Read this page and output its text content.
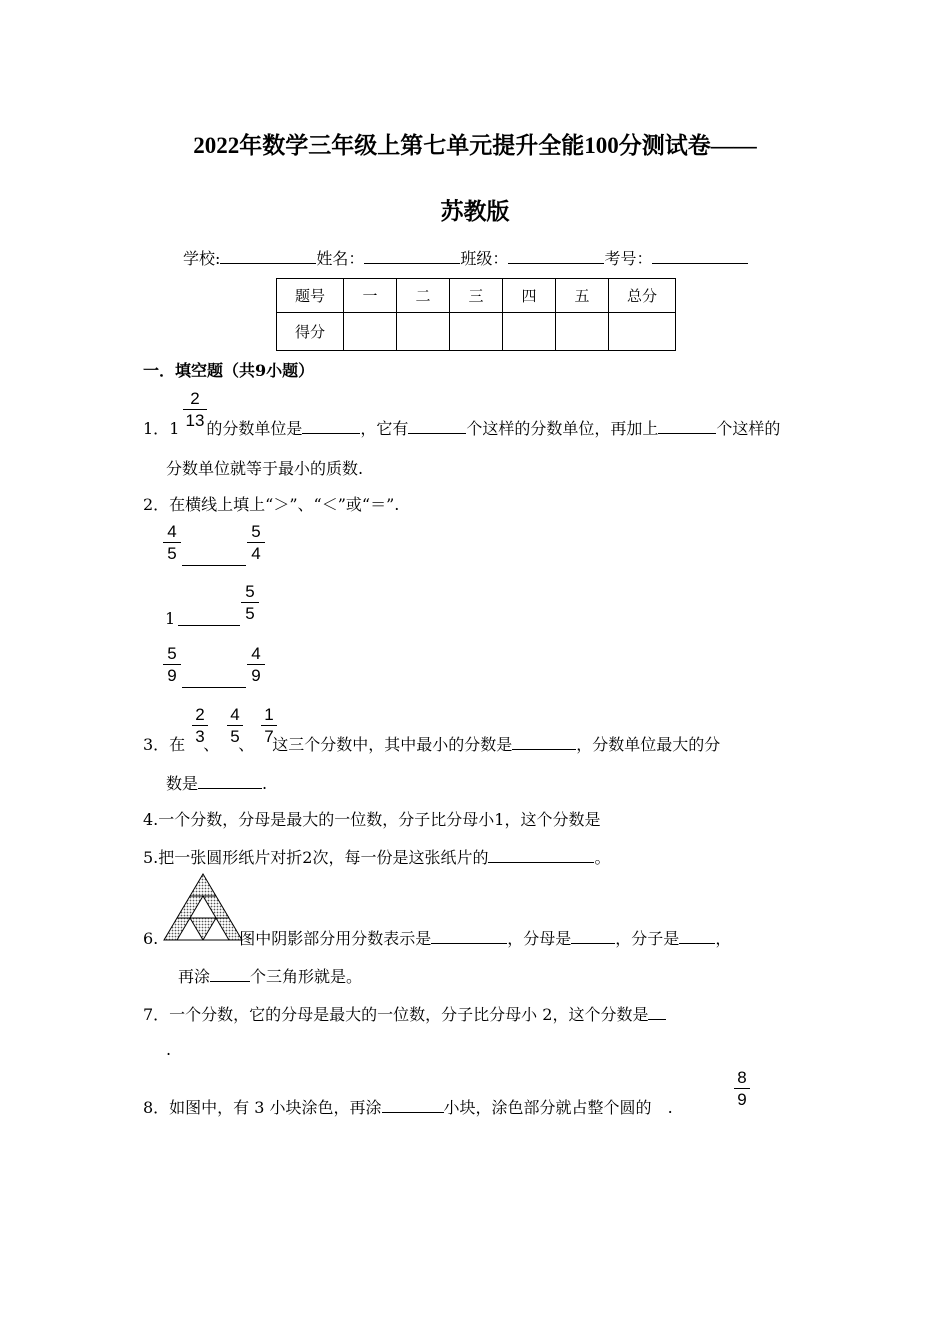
2022年数学三年级上第七单元提升全能100分测试卷——
苏教版
学校:	姓名：	班级：	考号：
题号	一	二	三	四	五	总分
得分						
一．填空题（共9小题）
2
13
1．1 的分数单位是	，它有	个这样的分数单位，再加上	个这样的
分数单位就等于最小的质数.
2．在横线上填上“＞”、“＜”或“＝”.
4
5
5
4
1
5
5
5
9
4
9
2
3
4
5
1
7
3．在 、 、 这三个分数中，其中最小的分数是	，分数单位最大的分
数是	.
4.一个分数，分母是最大的一位数，分子比分母小1，这个分数是
5.把一张圆形纸片对折2次，每一份是这张纸片的	。
6.	图中阴影部分用分数表示是	，分母是	，分子是 ，
再涂	个三角形就是。
7．一个分数，它的分母是最大的一位数，分子比分母小 2，这个分数是
.
8．如图中，有 3 小块涂色，再涂	小块，涂色部分就占整个圆的 .
8
9
